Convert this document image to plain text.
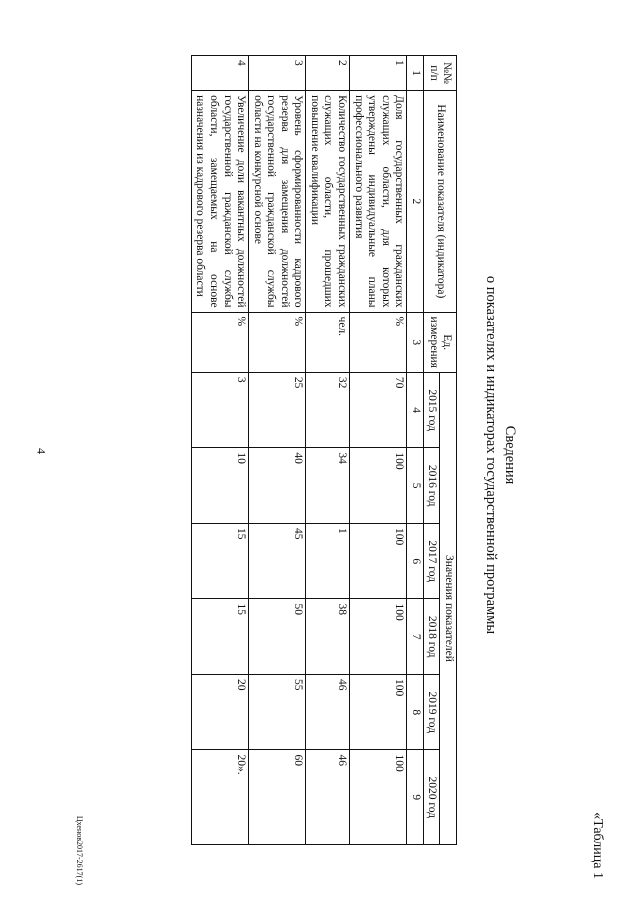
4
«Таблица 1
Сведения
о показателях и индикаторах государственной программы
№№ п/п	Наименование показателя (индикатора)	Ед. измерения	Значения показателей					
			2015 год	2016 год	2017 год	2018 год	2019 год	2020 год
1	2	3	4	5	6	7	8	9
1	Доля государственных гражданских служащих области, для которых утверждены индивидуальные планы профессионального развития	%	70	100	100	100	100	100
2	Количество государственных гражданских служащих области, прошедших повышение квалификации	чел.	32	34	1	38	46	46
3	Уровень сформированности кадрового резерва для замещения должностей государственной гражданской службы области на конкурсной основе	%	25	40	45	50	55	60
4	Увеличение доли вакантных должностей государственной гражданской службы области, замещаемых на основе назначения из кадрового резерва области	%	3	10	15	15	20	20».
Цхенов2017-2617(1)
